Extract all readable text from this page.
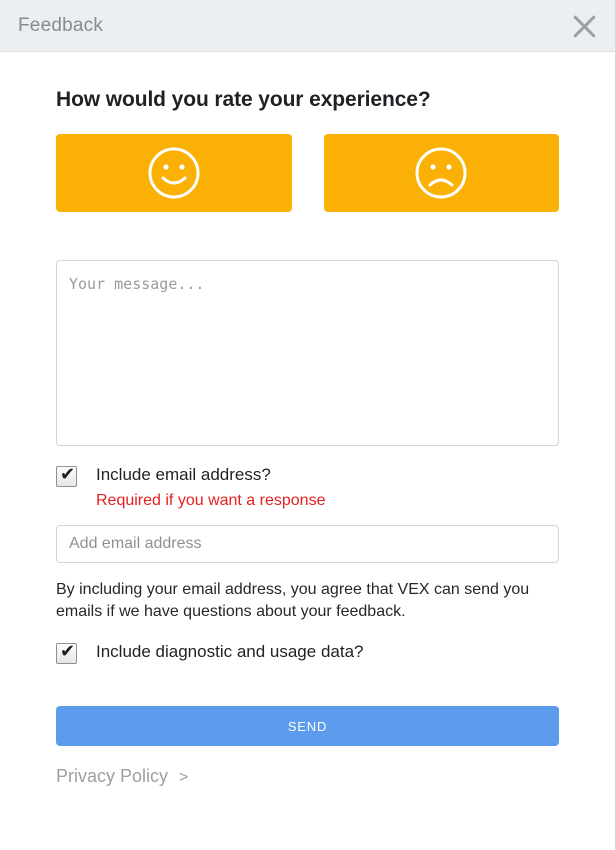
Feedback
How would you rate your experience?
Your message...
✔ Include email address?
Required if you want a response
Add email address
By including your email address, you agree that VEX can send you emails if we have questions about your feedback.
✔ Include diagnostic and usage data?
SEND
Privacy Policy >
